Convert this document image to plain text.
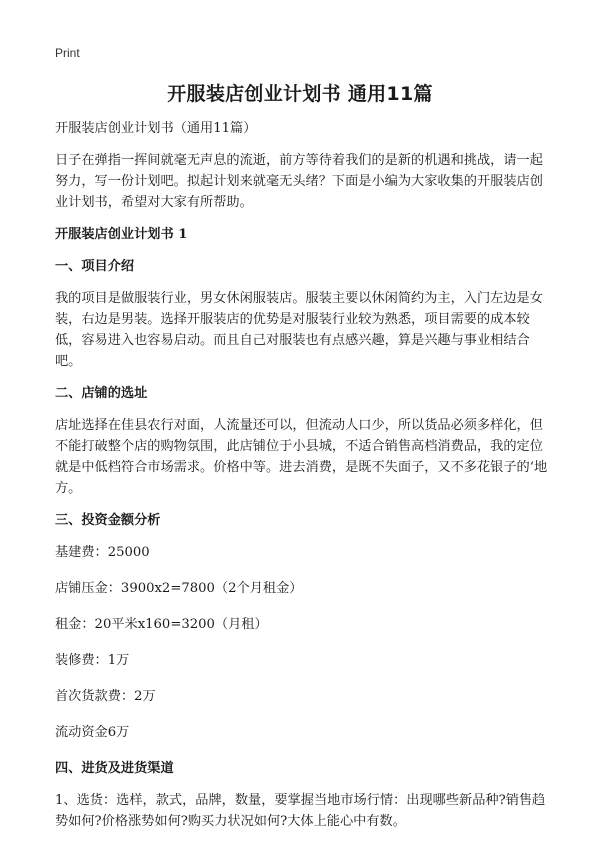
Print
开服装店创业计划书 通用11篇

开服装店创业计划书（通用11篇）

日子在弹指一挥间就毫无声息的流逝，前方等待着我们的是新的机遇和挑战，请一起努力，写一份计划吧。拟起计划来就毫无头绪？下面是小编为大家收集的开服装店创业计划书，希望对大家有所帮助。

开服装店创业计划书 1

一、项目介绍

我的项目是做服装行业，男女休闲服装店。服装主要以休闲简约为主，入门左边是女装，右边是男装。选择开服装店的优势是对服装行业较为熟悉，项目需要的成本较低，容易进入也容易启动。而且自己对服装也有点感兴趣，算是兴趣与事业相结合吧。

二、店铺的选址

店址选择在佳县农行对面，人流量还可以，但流动人口少，所以货品必须多样化，但不能打破整个店的购物氛围，此店铺位于小县城，不适合销售高档消费品，我的定位就是中低档符合市场需求。价格中等。进去消费，是既不失面子，又不多花银子的‘地方。

三、投资金额分析

基建费：25000

店铺压金：3900x2=7800（2个月租金）

租金：20平米x160=3200（月租）

装修费：1万

首次货款费：2万

流动资金6万

四、进货及进货渠道

1、选货：选样，款式，品牌，数量，要掌握当地市场行情：出现哪些新品种?销售趋势如何?价格涨势如何?购买力状况如何?大体上能心中有数。
